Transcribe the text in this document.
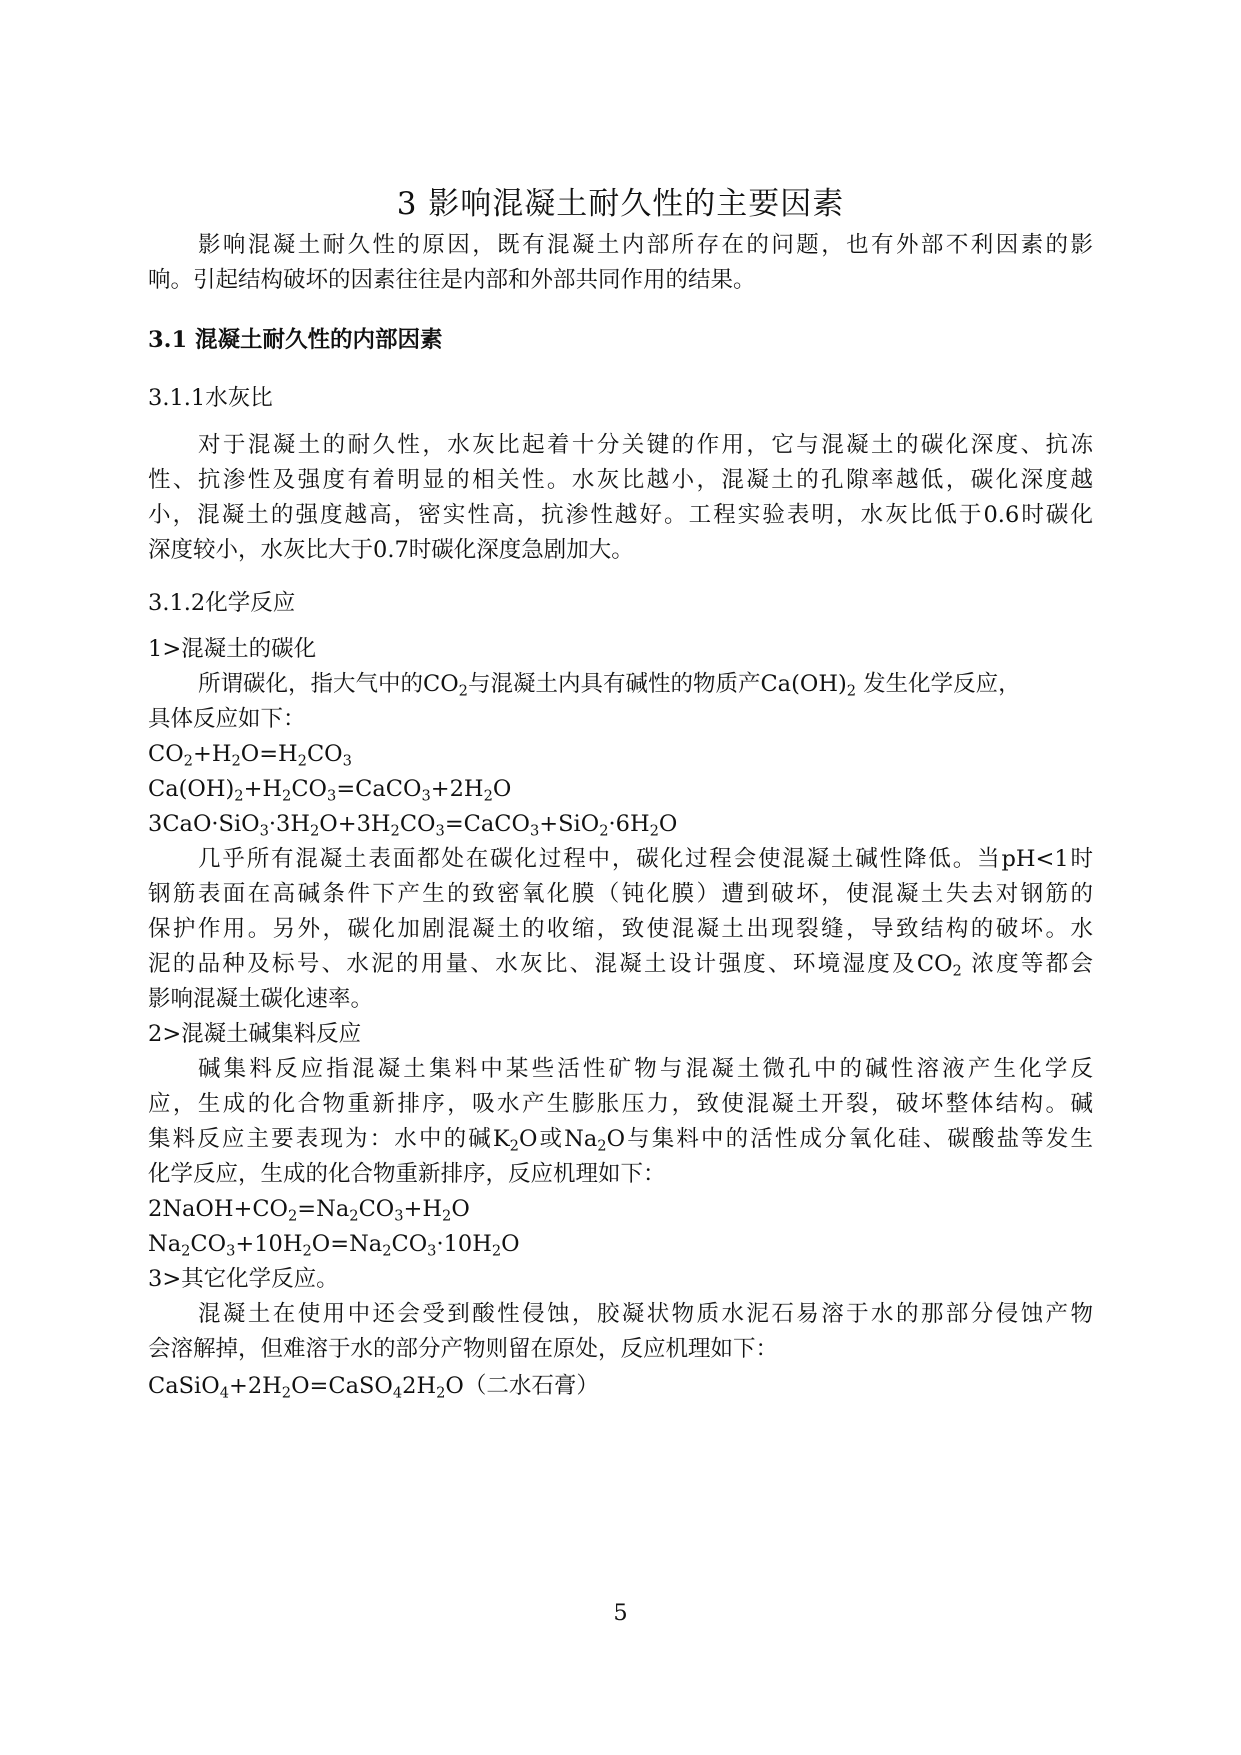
3 影响混凝土耐久性的主要因素
影响混凝土耐久性的原因，既有混凝土内部所存在的问题，也有外部不利因素的影
响。引起结构破坏的因素往往是内部和外部共同作用的结果。
3.1 混凝土耐久性的内部因素
3.1.1水灰比
对于混凝土的耐久性，水灰比起着十分关键的作用，它与混凝土的碳化深度、抗冻
性、抗渗性及强度有着明显的相关性。水灰比越小，混凝土的孔隙率越低，碳化深度越
小，混凝土的强度越高，密实性高，抗渗性越好。工程实验表明，水灰比低于0.6时碳化
深度较小，水灰比大于0.7时碳化深度急剧加大。
3.1.2化学反应
1>混凝土的碳化
所谓碳化，指大气中的$CO_2$与混凝土内具有碱性的物质产$Ca(OH)_2$ 发生化学反应，
具体反应如下：
$CO_2+H_2O=H_2CO_3$
$Ca(OH)_2+H_2CO_3=CaCO_3+2H_2O$
$3CaO\cdot SiO_3\cdot 3H_2O+3H_2CO_3=CaCO_3+SiO_2\cdot 6H_2O$
几乎所有混凝土表面都处在碳化过程中，碳化过程会使混凝土碱性降低。当pH<1时
钢筋表面在高碱条件下产生的致密氧化膜（钝化膜）遭到破坏，使混凝土失去对钢筋的
保护作用。另外，碳化加剧混凝土的收缩，致使混凝土出现裂缝，导致结构的破坏。水
泥的品种及标号、水泥的用量、水灰比、混凝土设计强度、环境湿度及$CO_2$ 浓度等都会
影响混凝土碳化速率。
2>混凝土碱集料反应
碱集料反应指混凝土集料中某些活性矿物与混凝土微孔中的碱性溶液产生化学反
应，生成的化合物重新排序，吸水产生膨胀压力，致使混凝土开裂，破坏整体结构。碱
集料反应主要表现为：水中的碱$K_2O$或$Na_2O$与集料中的活性成分氧化硅、碳酸盐等发生
化学反应，生成的化合物重新排序，反应机理如下：
$2NaOH+CO_2=Na_2CO_3+H_2O$
$Na_2CO_3+10H_2O=Na_2CO_3\cdot 10H_2O$
3>其它化学反应。
混凝土在使用中还会受到酸性侵蚀，胶凝状物质水泥石易溶于水的那部分侵蚀产物
会溶解掉，但难溶于水的部分产物则留在原处，反应机理如下：
$CaSiO_4+2H_2O=CaSO_42H_2O$（二水石膏）
5
